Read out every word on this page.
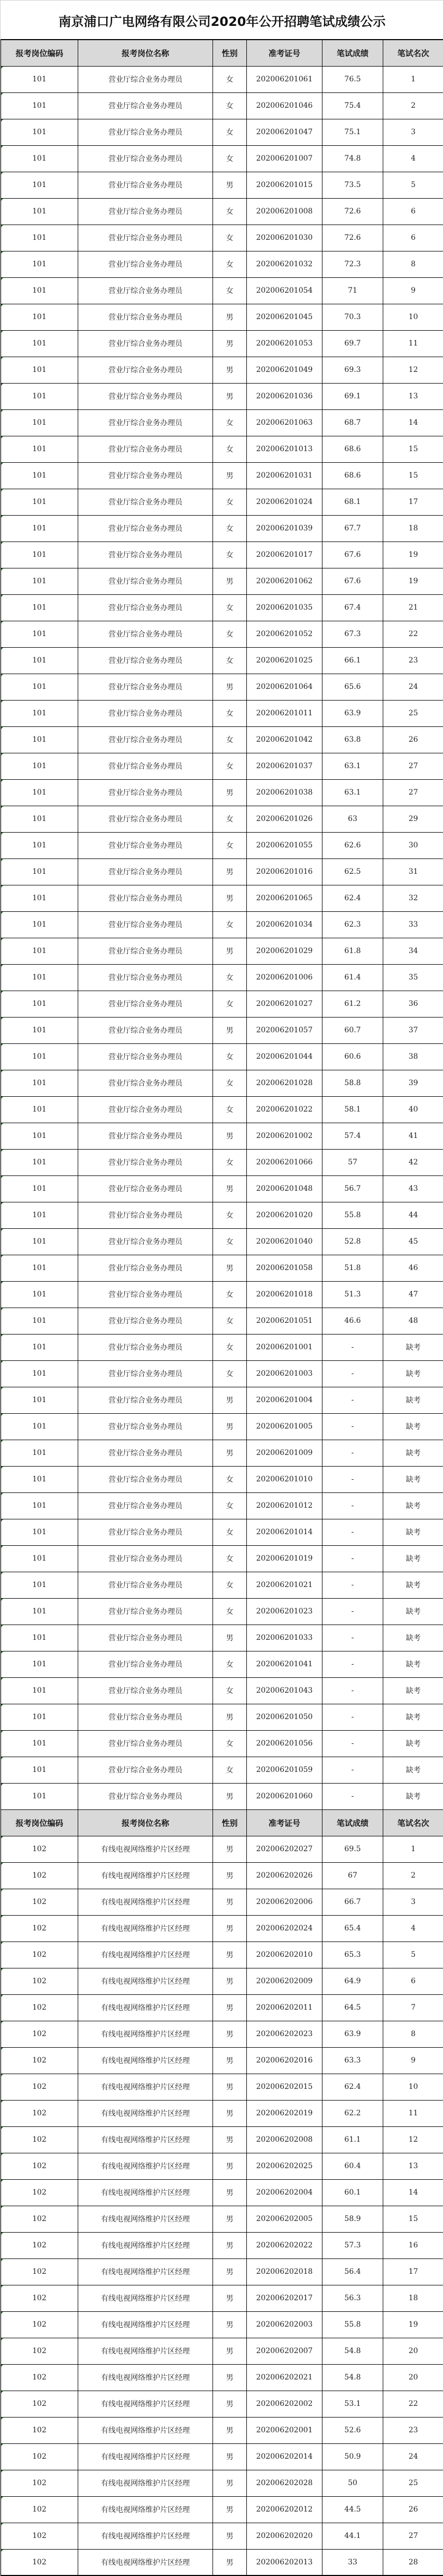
南京浦口广电网络有限公司2020年公开招聘笔试成绩公示
报考岗位编码	报考岗位名称	性别	准考证号	笔试成绩	笔试名次
101	营业厅综合业务办理员	女	202006201061	76.5	1
101	营业厅综合业务办理员	女	202006201046	75.4	2
101	营业厅综合业务办理员	女	202006201047	75.1	3
101	营业厅综合业务办理员	女	202006201007	74.8	4
101	营业厅综合业务办理员	男	202006201015	73.5	5
101	营业厅综合业务办理员	女	202006201008	72.6	6
101	营业厅综合业务办理员	女	202006201030	72.6	6
101	营业厅综合业务办理员	女	202006201032	72.3	8
101	营业厅综合业务办理员	女	202006201054	71	9
101	营业厅综合业务办理员	男	202006201045	70.3	10
101	营业厅综合业务办理员	男	202006201053	69.7	11
101	营业厅综合业务办理员	男	202006201049	69.3	12
101	营业厅综合业务办理员	男	202006201036	69.1	13
101	营业厅综合业务办理员	女	202006201063	68.7	14
101	营业厅综合业务办理员	女	202006201013	68.6	15
101	营业厅综合业务办理员	男	202006201031	68.6	15
101	营业厅综合业务办理员	女	202006201024	68.1	17
101	营业厅综合业务办理员	女	202006201039	67.7	18
101	营业厅综合业务办理员	女	202006201017	67.6	19
101	营业厅综合业务办理员	男	202006201062	67.6	19
101	营业厅综合业务办理员	女	202006201035	67.4	21
101	营业厅综合业务办理员	女	202006201052	67.3	22
101	营业厅综合业务办理员	女	202006201025	66.1	23
101	营业厅综合业务办理员	男	202006201064	65.6	24
101	营业厅综合业务办理员	女	202006201011	63.9	25
101	营业厅综合业务办理员	女	202006201042	63.8	26
101	营业厅综合业务办理员	女	202006201037	63.1	27
101	营业厅综合业务办理员	男	202006201038	63.1	27
101	营业厅综合业务办理员	女	202006201026	63	29
101	营业厅综合业务办理员	女	202006201055	62.6	30
101	营业厅综合业务办理员	男	202006201016	62.5	31
101	营业厅综合业务办理员	男	202006201065	62.4	32
101	营业厅综合业务办理员	女	202006201034	62.3	33
101	营业厅综合业务办理员	男	202006201029	61.8	34
101	营业厅综合业务办理员	女	202006201006	61.4	35
101	营业厅综合业务办理员	女	202006201027	61.2	36
101	营业厅综合业务办理员	男	202006201057	60.7	37
101	营业厅综合业务办理员	女	202006201044	60.6	38
101	营业厅综合业务办理员	女	202006201028	58.8	39
101	营业厅综合业务办理员	女	202006201022	58.1	40
101	营业厅综合业务办理员	男	202006201002	57.4	41
101	营业厅综合业务办理员	女	202006201066	57	42
101	营业厅综合业务办理员	男	202006201048	56.7	43
101	营业厅综合业务办理员	女	202006201020	55.8	44
101	营业厅综合业务办理员	女	202006201040	52.8	45
101	营业厅综合业务办理员	男	202006201058	51.8	46
101	营业厅综合业务办理员	女	202006201018	51.3	47
101	营业厅综合业务办理员	女	202006201051	46.6	48
101	营业厅综合业务办理员	女	202006201001	-	缺考
101	营业厅综合业务办理员	女	202006201003	-	缺考
101	营业厅综合业务办理员	男	202006201004	-	缺考
101	营业厅综合业务办理员	男	202006201005	-	缺考
101	营业厅综合业务办理员	男	202006201009	-	缺考
101	营业厅综合业务办理员	女	202006201010	-	缺考
101	营业厅综合业务办理员	女	202006201012	-	缺考
101	营业厅综合业务办理员	女	202006201014	-	缺考
101	营业厅综合业务办理员	女	202006201019	-	缺考
101	营业厅综合业务办理员	女	202006201021	-	缺考
101	营业厅综合业务办理员	女	202006201023	-	缺考
101	营业厅综合业务办理员	男	202006201033	-	缺考
101	营业厅综合业务办理员	女	202006201041	-	缺考
101	营业厅综合业务办理员	女	202006201043	-	缺考
101	营业厅综合业务办理员	男	202006201050	-	缺考
101	营业厅综合业务办理员	女	202006201056	-	缺考
101	营业厅综合业务办理员	女	202006201059	-	缺考
101	营业厅综合业务办理员	男	202006201060	-	缺考
报考岗位编码	报考岗位名称	性别	准考证号	笔试成绩	笔试名次
102	有线电视网络维护片区经理	男	202006202027	69.5	1
102	有线电视网络维护片区经理	男	202006202026	67	2
102	有线电视网络维护片区经理	男	202006202006	66.7	3
102	有线电视网络维护片区经理	男	202006202024	65.4	4
102	有线电视网络维护片区经理	男	202006202010	65.3	5
102	有线电视网络维护片区经理	男	202006202009	64.9	6
102	有线电视网络维护片区经理	男	202006202011	64.5	7
102	有线电视网络维护片区经理	男	202006202023	63.9	8
102	有线电视网络维护片区经理	男	202006202016	63.3	9
102	有线电视网络维护片区经理	男	202006202015	62.4	10
102	有线电视网络维护片区经理	男	202006202019	62.2	11
102	有线电视网络维护片区经理	男	202006202008	61.1	12
102	有线电视网络维护片区经理	男	202006202025	60.4	13
102	有线电视网络维护片区经理	男	202006202004	60.1	14
102	有线电视网络维护片区经理	男	202006202005	58.9	15
102	有线电视网络维护片区经理	男	202006202022	57.3	16
102	有线电视网络维护片区经理	男	202006202018	56.4	17
102	有线电视网络维护片区经理	男	202006202017	56.3	18
102	有线电视网络维护片区经理	男	202006202003	55.8	19
102	有线电视网络维护片区经理	男	202006202007	54.8	20
102	有线电视网络维护片区经理	男	202006202021	54.8	20
102	有线电视网络维护片区经理	男	202006202002	53.1	22
102	有线电视网络维护片区经理	男	202006202001	52.6	23
102	有线电视网络维护片区经理	男	202006202014	50.9	24
102	有线电视网络维护片区经理	男	202006202028	50	25
102	有线电视网络维护片区经理	男	202006202012	44.5	26
102	有线电视网络维护片区经理	男	202006202020	44.1	27
102	有线电视网络维护片区经理	男	202006202013	33	28
